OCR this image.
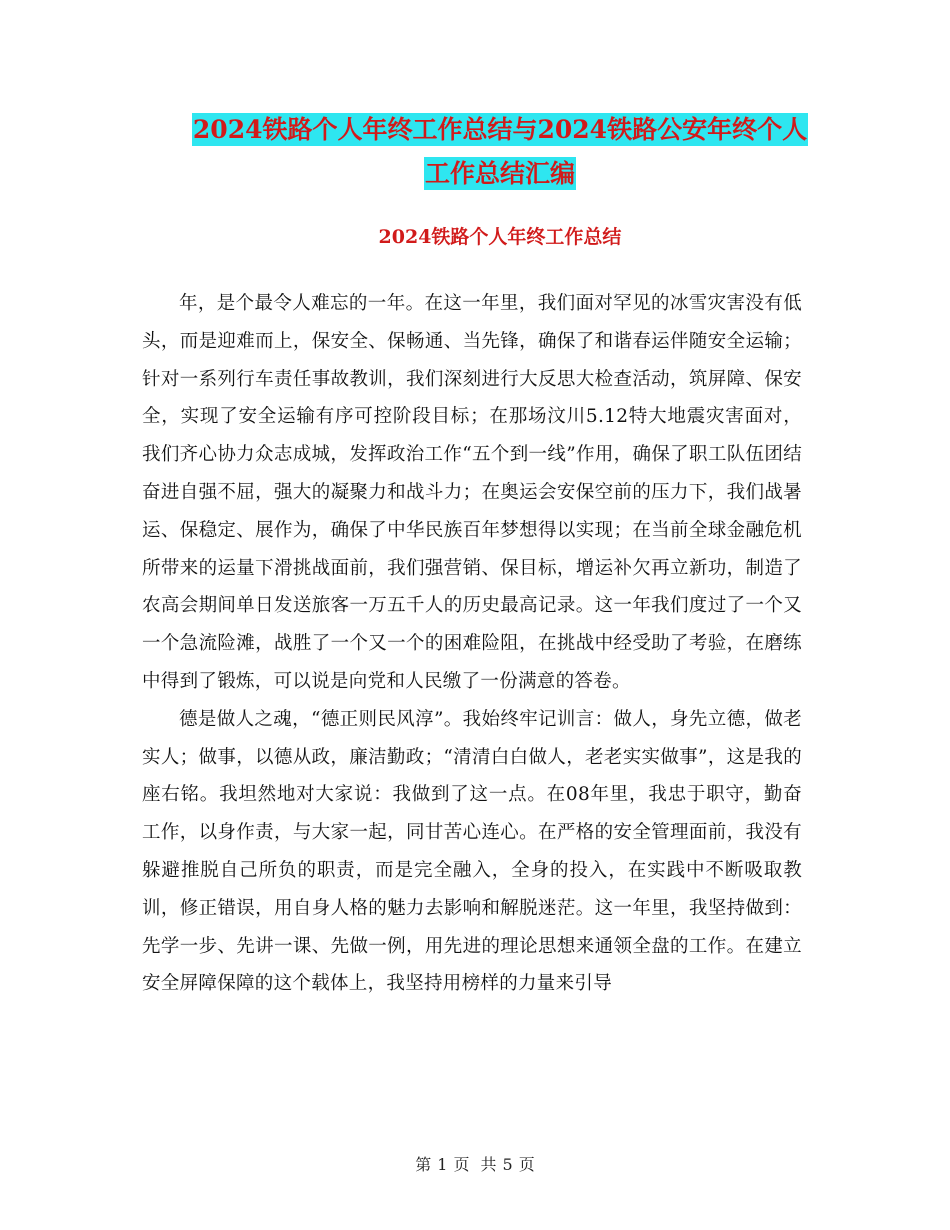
2024铁路个人年终工作总结与2024铁路公安年终个人
工作总结汇编
2024铁路个人年终工作总结

年，是个最令人难忘的一年。在这一年里，我们面对罕见的冰雪灾害没有低头，而是迎难而上，保安全、保畅通、当先锋，确保了和谐春运伴随安全运输；针对一系列行车责任事故教训，我们深刻进行大反思大检查活动，筑屏障、保安全，实现了安全运输有序可控阶段目标；在那场汶川5.12特大地震灾害面对，我们齐心协力众志成城，发挥政治工作“五个到一线”作用，确保了职工队伍团结奋进自强不屈，强大的凝聚力和战斗力；在奥运会安保空前的压力下，我们战暑运、保稳定、展作为，确保了中华民族百年梦想得以实现；在当前全球金融危机所带来的运量下滑挑战面前，我们强营销、保目标，增运补欠再立新功，制造了农高会期间单日发送旅客一万五千人的历史最高记录。这一年我们度过了一个又一个急流险滩，战胜了一个又一个的困难险阻，在挑战中经受助了考验，在磨练中得到了锻炼，可以说是向党和人民缴了一份满意的答卷。

德是做人之魂，“德正则民风淳”。我始终牢记训言：做人，身先立德，做老实人；做事，以德从政，廉洁勤政；“清清白白做人，老老实实做事”，这是我的座右铭。我坦然地对大家说：我做到了这一点。在08年里，我忠于职守，勤奋工作，以身作责，与大家一起，同甘苦心连心。在严格的安全管理面前，我没有躲避推脱自己所负的职责，而是完全融入，全身的投入，在实践中不断吸取教训，修正错误，用自身人格的魅力去影响和解脱迷茫。这一年里，我坚持做到：先学一步、先讲一课、先做一例，用先进的理论思想来通领全盘的工作。在建立安全屏障保障的这个载体上，我坚持用榜样的力量来引导

第 1 页 共 5 页
